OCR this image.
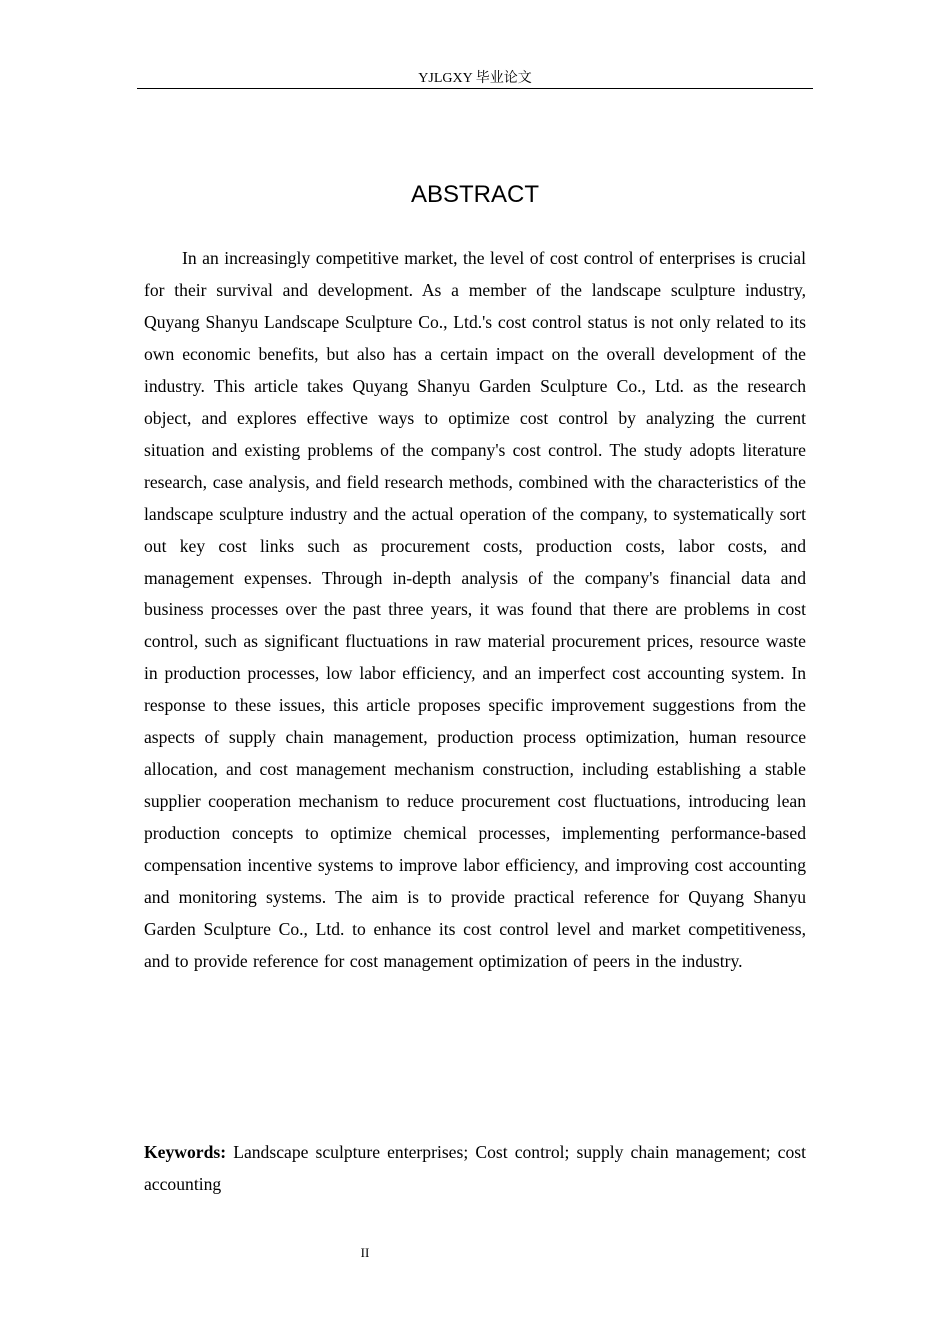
YJLGXY 毕业论文
ABSTRACT

In an increasingly competitive market, the level of cost control of enterprises is crucial for their survival and development. As a member of the landscape sculpture industry, Quyang Shanyu Landscape Sculpture Co., Ltd.'s cost control status is not only related to its own economic benefits, but also has a certain impact on the overall development of the industry. This article takes Quyang Shanyu Garden Sculpture Co., Ltd. as the research object, and explores effective ways to optimize cost control by analyzing the current situation and existing problems of the company's cost control. The study adopts literature research, case analysis, and field research methods, combined with the characteristics of the landscape sculpture industry and the actual operation of the company, to systematically sort out key cost links such as procurement costs, production costs, labor costs, and management expenses. Through in-depth analysis of the company's financial data and business processes over the past three years, it was found that there are problems in cost control, such as significant fluctuations in raw material procurement prices, resource waste in production processes, low labor efficiency, and an imperfect cost accounting system. In response to these issues, this article proposes specific improvement suggestions from the aspects of supply chain management, production process optimization, human resource allocation, and cost management mechanism construction, including establishing a stable supplier cooperation mechanism to reduce procurement cost fluctuations, introducing lean production concepts to optimize chemical processes, implementing performance-based compensation incentive systems to improve labor efficiency, and improving cost accounting and monitoring systems. The aim is to provide practical reference for Quyang Shanyu Garden Sculpture Co., Ltd. to enhance its cost control level and market competitiveness, and to provide reference for cost management optimization of peers in the industry.

Keywords: Landscape sculpture enterprises; Cost control; supply chain management; cost accounting

II
